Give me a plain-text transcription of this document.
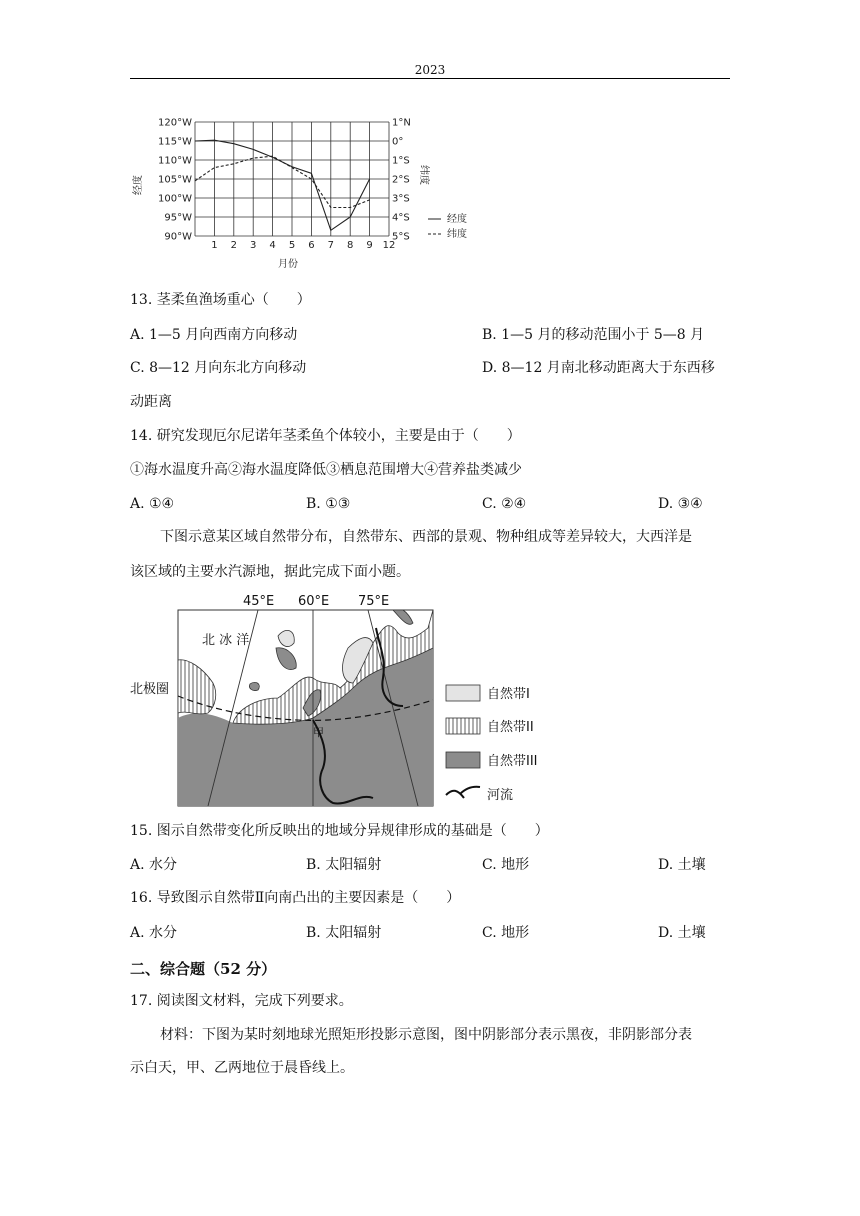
2023
1 2 3 4 5 6 7 8 9 12
120°W
115°W
110°W
105°W
100°W
95°W
90°W
1°N
0°
1°S
2°S
3°S
4°S
5°S
经度	纬度
月份
经度
纬度
13. 茎柔鱼渔场重心（　　）
A. 1—5 月向西南方向移动	B. 1—5 月的移动范围小于 5—8 月
C. 8—12 月向东北方向移动	D. 8—12 月南北移动距离大于东西移
动距离
14. 研究发现厄尔尼诺年茎柔鱼个体较小，主要是由于（　　）
①海水温度升高②海水温度降低③栖息范围增大④营养盐类减少
A. ①④	B. ①③	C. ②④	D. ③④
下图示意某区域自然带分布，自然带东、西部的景观、物种组成等差异较大，大西洋是
该区域的主要水汽源地，据此完成下面小题。
45°E 60°E 75°E
北 冰 洋
北极圈
甲
自然带I
自然带II
自然带III
河流
15. 图示自然带变化所反映出的地域分异规律形成的基础是（　　）
A. 水分	B. 太阳辐射	C. 地形	D. 土壤
16. 导致图示自然带Ⅱ向南凸出的主要因素是（　　）
A. 水分	B. 太阳辐射	C. 地形	D. 土壤
二、综合题（52 分）
17. 阅读图文材料，完成下列要求。
材料：下图为某时刻地球光照矩形投影示意图，图中阴影部分表示黑夜，非阴影部分表
示白天，甲、乙两地位于晨昏线上。
